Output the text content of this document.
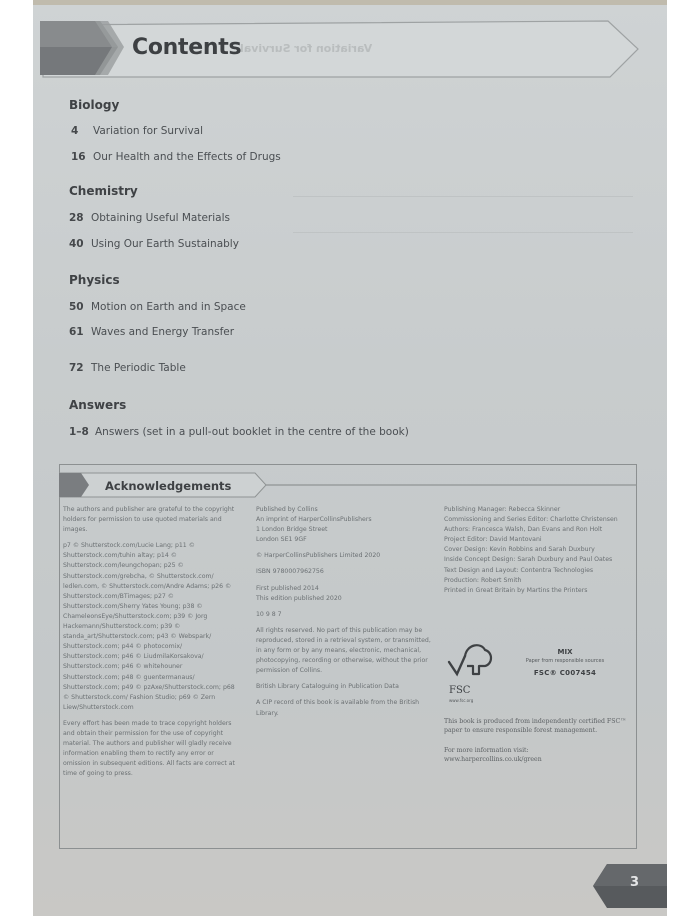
Variation for Survival
Contents
Biology
4 Variation for Survival
16 Our Health and the Effects of Drugs
Chemistry
28 Obtaining Useful Materials
40 Using Our Earth Sustainably
Physics
50 Motion on Earth and in Space
61 Waves and Energy Transfer
72 The Periodic Table
Answers
1–8 Answers (set in a pull-out booklet in the centre of the book)
Acknowledgements

The authors and publisher are grateful to the copyright holders for permission to use quoted materials and images.

p7 © Shutterstock.com/Lucie Lang; p11 © Shutterstock.com/tuhin altay; p14 © Shutterstock.com/leungchopan; p25 © Shutterstock.com/grebcha, © Shutterstock.com/ ledlen.com, © Shutterstock.com/Andre Adams; p26 © Shutterstock.com/BTimages; p27 © Shutterstock.com/Sherry Yates Young; p38 © ChameleonsEye/Shutterstock.com; p39 © Jorg Hackemann/Shutterstock.com; p39 © standa_art/Shutterstock.com; p43 © Webspark/ Shutterstock.com; p44 © photocomix/ Shutterstock.com; p46 © LiudmilaKorsakova/ Shutterstock.com; p46 © whitehouner Shutterstock.com; p48 © guentermanaus/ Shutterstock.com; p49 © pzAxe/Shutterstock.com; p68 © Shutterstock.com/ Fashion Studio; p69 © Zern Liew/Shutterstock.com

Every effort has been made to trace copyright holders and obtain their permission for the use of copyright material. The authors and publisher will gladly receive information enabling them to rectify any error or omission in subsequent editions. All facts are correct at time of going to press.

Published by Collins
An imprint of HarperCollinsPublishers
1 London Bridge Street
London SE1 9GF

© HarperCollinsPublishers Limited 2020

ISBN 9780007962756

First published 2014
This edition published 2020

10 9 8 7

All rights reserved. No part of this publication may be reproduced, stored in a retrieval system, or transmitted, in any form or by any means, electronic, mechanical, photocopying, recording or otherwise, without the prior permission of Collins.

British Library Cataloguing in Publication Data

A CIP record of this book is available from the British Library.

Publishing Manager: Rebecca Skinner
Commissioning and Series Editor: Charlotte Christensen
Authors: Francesca Walsh, Dan Evans and Ron Holt
Project Editor: David Mantovani
Cover Design: Kevin Robbins and Sarah Duxbury
Inside Concept Design: Sarah Duxbury and Paul Oates
Text Design and Layout: Contentra Technologies
Production: Robert Smith
Printed in Great Britain by Martins the Printers
FSC
www.fsc.org
MIX
Paper from responsible sources
FSC® C007454
This book is produced from independently certified FSC™ paper to ensure responsible forest management.
For more information visit:
www.harpercollins.co.uk/green
3
